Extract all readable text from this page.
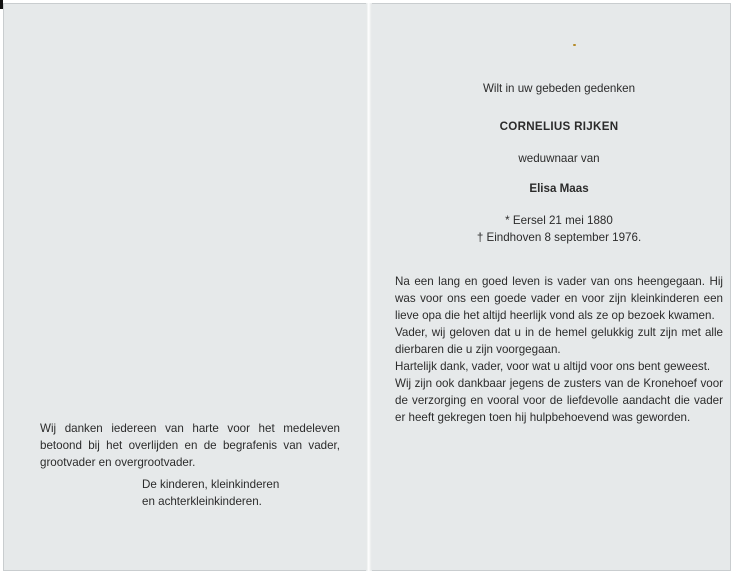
Wij danken iedereen van harte voor het medeleven betoond bij het overlijden en de begrafenis van vader, grootvader en overgrootvader.
De kinderen, kleinkinderen
en achterkleinkinderen.
Wilt in uw gebeden gedenken
CORNELIUS RIJKEN
weduwnaar van
Elisa Maas
* Eersel 21 mei 1880
† Eindhoven 8 september 1976.
Na een lang en goed leven is vader van ons heengegaan. Hij was voor ons een goede vader en voor zijn kleinkinderen een lieve opa die het altijd heerlijk vond als ze op bezoek kwamen.
Vader, wij geloven dat u in de hemel gelukkig zult zijn met alle dierbaren die u zijn voorgegaan.
Hartelijk dank, vader, voor wat u altijd voor ons bent geweest.
Wij zijn ook dankbaar jegens de zusters van de Kronehoef voor de verzorging en vooral voor de liefdevolle aandacht die vader er heeft gekregen toen hij hulpbehoevend was geworden.
